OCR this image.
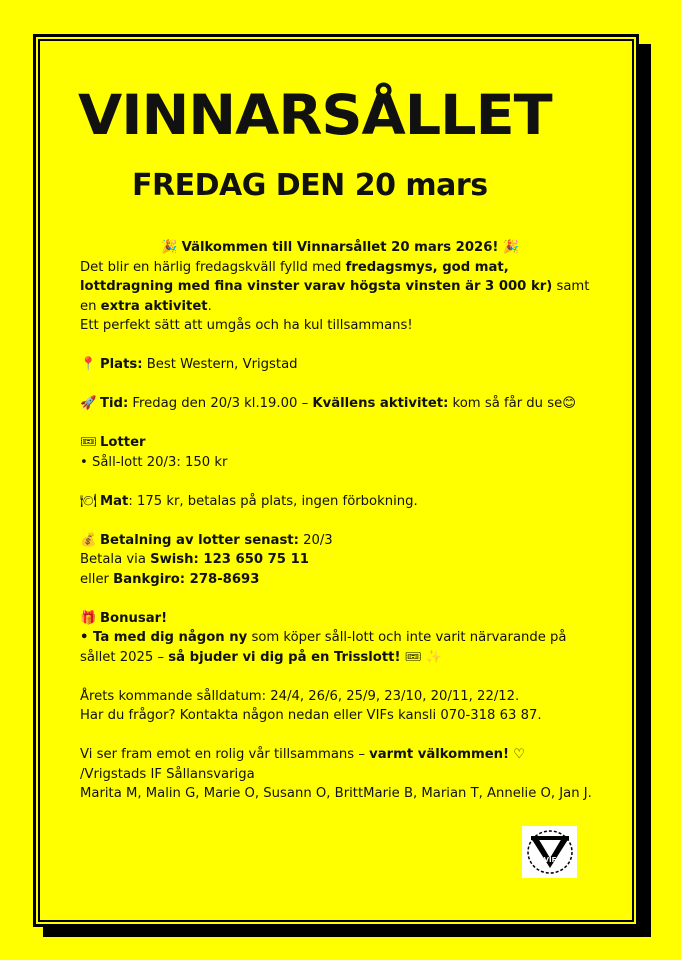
VINNARSÅLLET
FREDAG DEN 20 mars

🎉 Välkommen till Vinnarsållet 20 mars 2026! 🎉

Det blir en härlig fredagskväll fylld med fredagsmys, god mat, lottdragning med fina vinster varav högsta vinsten är 3 000 kr) samt en extra aktivitet.

Ett perfekt sätt att umgås och ha kul tillsammans!

📍 Plats: Best Western, Vrigstad

🚀 Tid: Fredag den 20/3 kl.19.00 – Kvällens aktivitet: kom så får du se😊

🎟 Lotter

• Såll-lott 20/3: 150 kr

🍽 Mat: 175 kr, betalas på plats, ingen förbokning.

💰 Betalning av lotter senast: 20/3

Betala via Swish: 123 650 75 11

eller Bankgiro: 278-8693

🎁 Bonusar!

• Ta med dig någon ny som köper såll-lott och inte varit närvarande på sållet 2025 – så bjuder vi dig på en Trisslott! 🎟 ✨

Årets kommande sålldatum: 24/4, 26/6, 25/9, 23/10, 20/11, 22/12.

Har du frågor? Kontakta någon nedan eller VIFs kansli 070-318 63 87.

Vi ser fram emot en rolig vår tillsammans – varmt välkommen! ♡

/Vrigstads IF Sållansvariga

Marita M, Malin G, Marie O, Susann O, BrittMarie B, Marian T, Annelie O, Jan J.

VIF
